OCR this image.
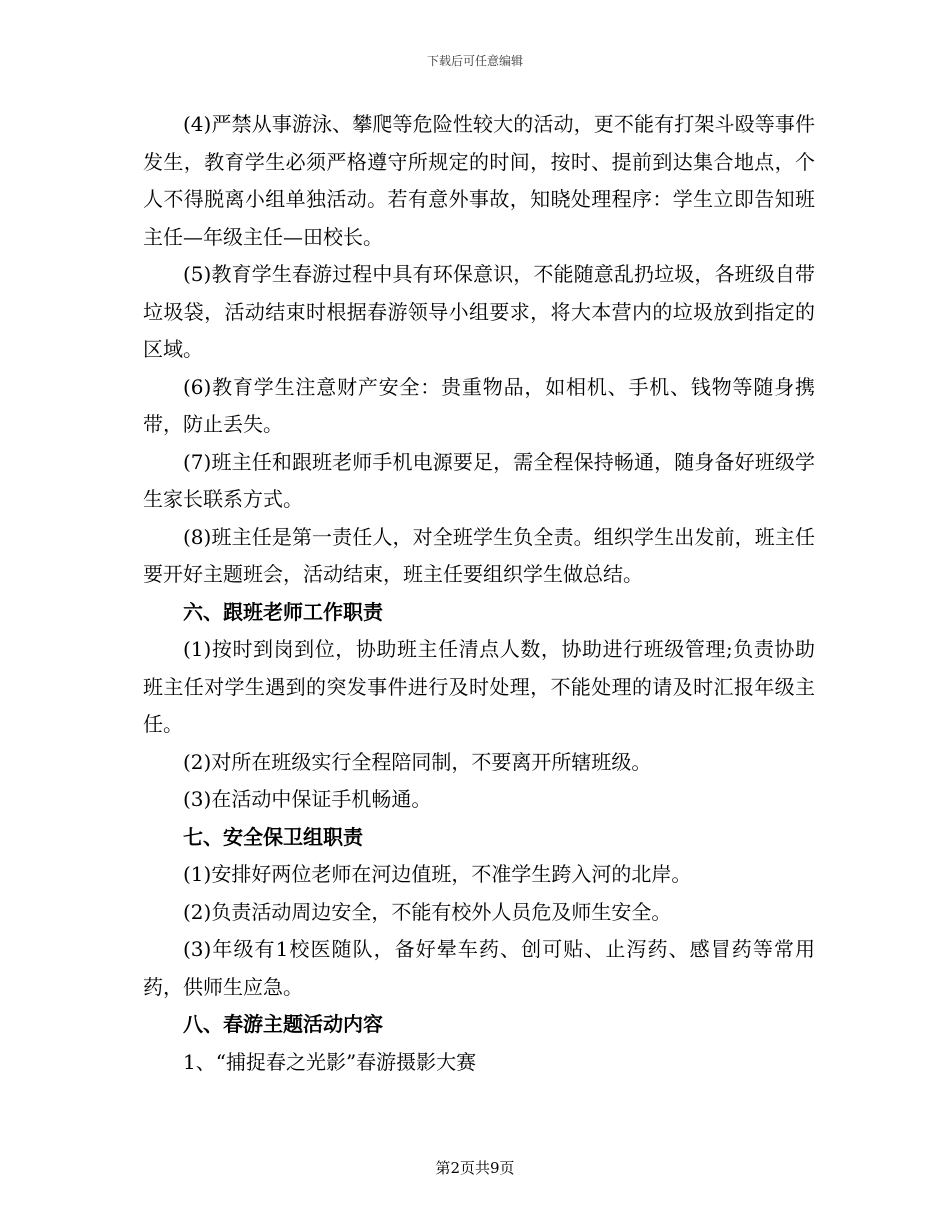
下载后可任意编辑

(4)严禁从事游泳、攀爬等危险性较大的活动，更不能有打架斗殴等事件发生，教育学生必须严格遵守所规定的时间，按时、提前到达集合地点，个人不得脱离小组单独活动。若有意外事故，知晓处理程序：学生立即告知班主任—年级主任—田校长。

(5)教育学生春游过程中具有环保意识，不能随意乱扔垃圾，各班级自带垃圾袋，活动结束时根据春游领导小组要求，将大本营内的垃圾放到指定的区域。

(6)教育学生注意财产安全：贵重物品，如相机、手机、钱物等随身携带，防止丢失。

(7)班主任和跟班老师手机电源要足，需全程保持畅通，随身备好班级学生家长联系方式。

(8)班主任是第一责任人，对全班学生负全责。组织学生出发前，班主任要开好主题班会，活动结束，班主任要组织学生做总结。

六、跟班老师工作职责

(1)按时到岗到位，协助班主任清点人数，协助进行班级管理;负责协助班主任对学生遇到的突发事件进行及时处理，不能处理的请及时汇报年级主任。

(2)对所在班级实行全程陪同制，不要离开所辖班级。

(3)在活动中保证手机畅通。

七、安全保卫组职责

(1)安排好两位老师在河边值班，不准学生跨入河的北岸。

(2)负责活动周边安全，不能有校外人员危及师生安全。

(3)年级有1校医随队，备好晕车药、创可贴、止泻药、感冒药等常用药，供师生应急。

八、春游主题活动内容

1、“捕捉春之光影”春游摄影大赛

第2页共9页
